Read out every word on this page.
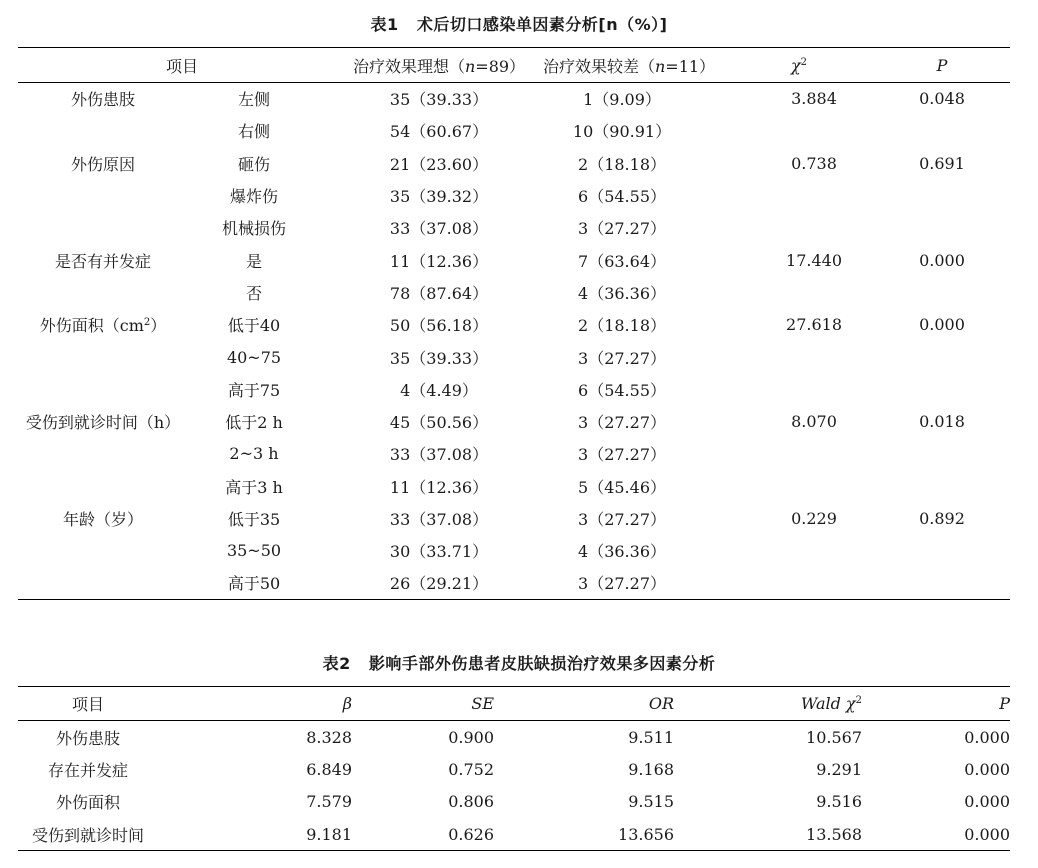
表1 术后切口感染单因素分析[n（%）]
项目		治疗效果理想（n=89）	治疗效果较差（n=11）	$\chi^2$	P
外伤患肢	左侧	35（39.33）	1（9.09）	3.884	0.048
	右侧	54（60.67）	10（90.91）		
外伤原因	砸伤	21（23.60）	2（18.18）	0.738	0.691
	爆炸伤	35（39.32）	6（54.55）		
	机械损伤	33（37.08）	3（27.27）		
是否有并发症	是	11（12.36）	7（63.64）	17.440	0.000
	否	78（87.64）	4（36.36）		
外伤面积$(cm^2)$	低于40	50（56.18）	2（18.18）	27.618	0.000
	40~75	35（39.33）	3（27.27）		
	高于75	4（4.49）	6（54.55）		
受伤到就诊时间（h）	低于2 h	45（50.56）	3（27.27）	8.070	0.018
	2~3 h	33（37.08）	3（27.27）		
	高于3 h	11（12.36）	5（45.46）		
年龄（岁）	低于35	33（37.08）	3（27.27）	0.229	0.892
	35~50	30（33.71）	4（36.36）		
	高于50	26（29.21）	3（27.27）		
表2 影响手部外伤患者皮肤缺损治疗效果多因素分析
项目	β	SE	OR	Wald $\chi^2$	P
外伤患肢	8.328	0.900	9.511	10.567	0.000
存在并发症	6.849	0.752	9.168	9.291	0.000
外伤面积	7.579	0.806	9.515	9.516	0.000
受伤到就诊时间	9.181	0.626	13.656	13.568	0.000
